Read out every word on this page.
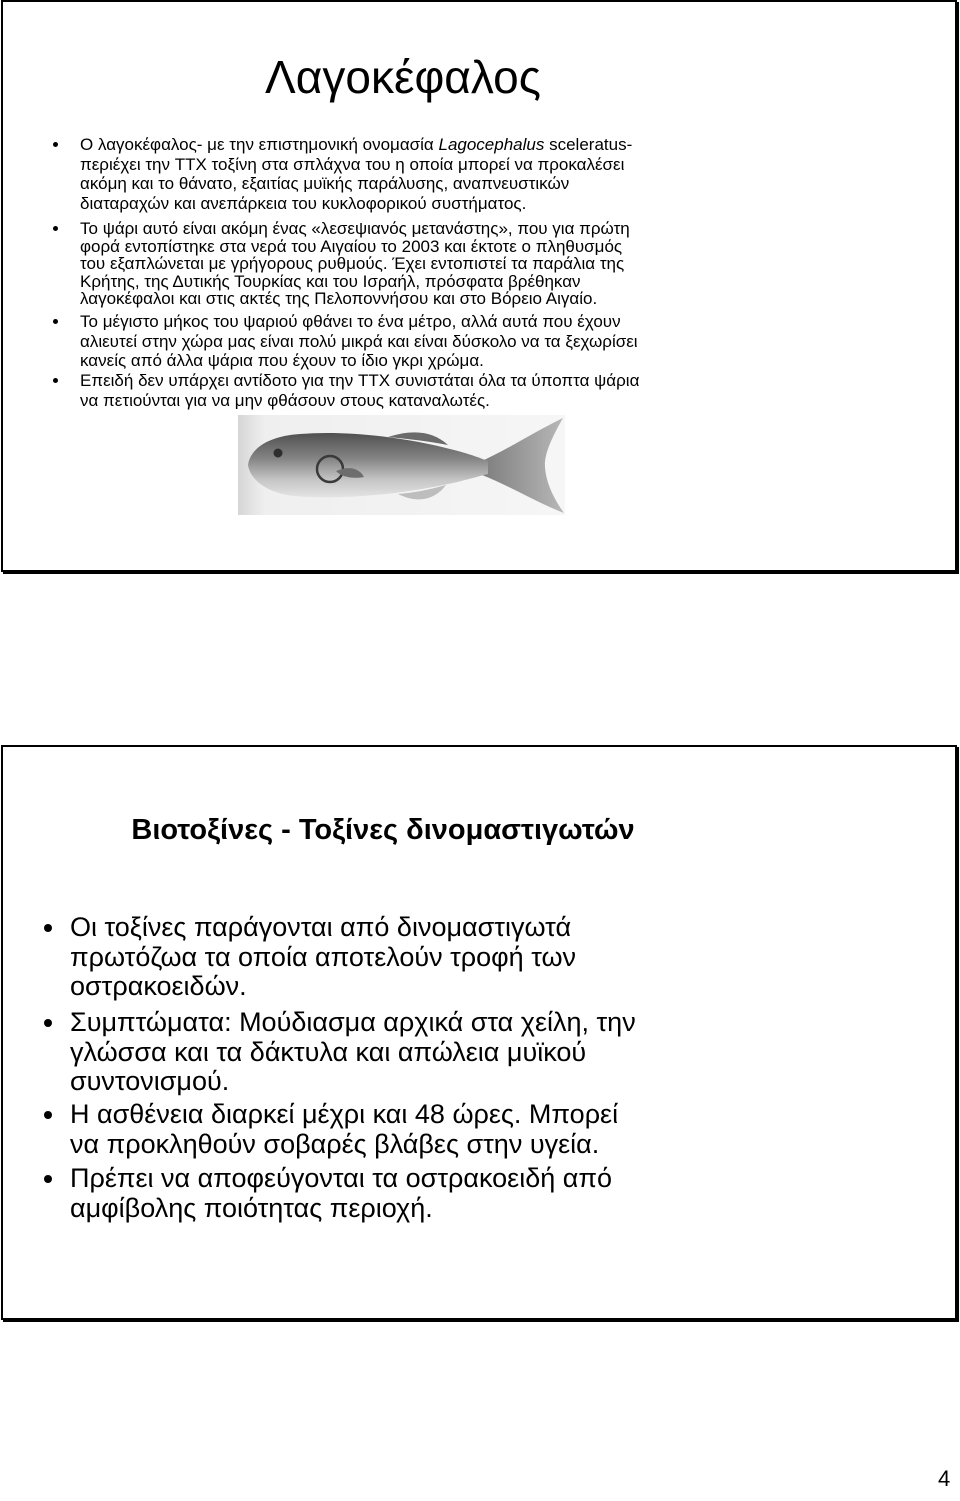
Λαγοκέφαλος
Ο λαγοκέφαλος- με την επιστημονική ονομασία Lagocephalus sceleratus-
περιέχει την TTX τοξίνη στα σπλάχνα του η οποία μπορεί να προκαλέσει
ακόμη και το θάνατο, εξαιτίας μυϊκής παράλυσης, αναπνευστικών
διαταραχών και ανεπάρκεια του κυκλοφορικού συστήματος.
Το ψάρι αυτό είναι ακόμη ένας «λεσεψιανός μετανάστης», που για πρώτη
φορά εντοπίστηκε στα νερά του Αιγαίου το 2003 και έκτοτε ο πληθυσμός
του εξαπλώνεται με γρήγορους ρυθμούς. Έχει εντοπιστεί τα παράλια της
Κρήτης, της Δυτικής Τουρκίας και του Ισραήλ, πρόσφατα βρέθηκαν
λαγοκέφαλοι και στις ακτές της Πελοποννήσου και στο Βόρειο Αιγαίο.
Το μέγιστο μήκος του ψαριού φθάνει το ένα μέτρο, αλλά αυτά που έχουν
αλιευτεί στην χώρα μας είναι πολύ μικρά και είναι δύσκολο να τα ξεχωρίσει
κανείς από άλλα ψάρια που έχουν το ίδιο γκρι χρώμα.
Επειδή δεν υπάρχει αντίδοτο για την TTX συνιστάται όλα τα ύποπτα ψάρια
να πετιούνται για να μην φθάσουν στους καταναλωτές.
Βιοτοξίνες - Τοξίνες δινομαστιγωτών
Οι τοξίνες παράγονται από δινομαστιγωτά
πρωτόζωα τα οποία αποτελούν τροφή των
οστρακοειδών.
Συμπτώματα: Μούδιασμα αρχικά στα χείλη, την
γλώσσα και τα δάκτυλα και απώλεια μυϊκού
συντονισμού.
Η ασθένεια διαρκεί μέχρι και 48 ώρες. Μπορεί
να προκληθούν σοβαρές βλάβες στην υγεία.
Πρέπει να αποφεύγονται τα οστρακοειδή από
αμφίβολης ποιότητας περιοχή.
4
